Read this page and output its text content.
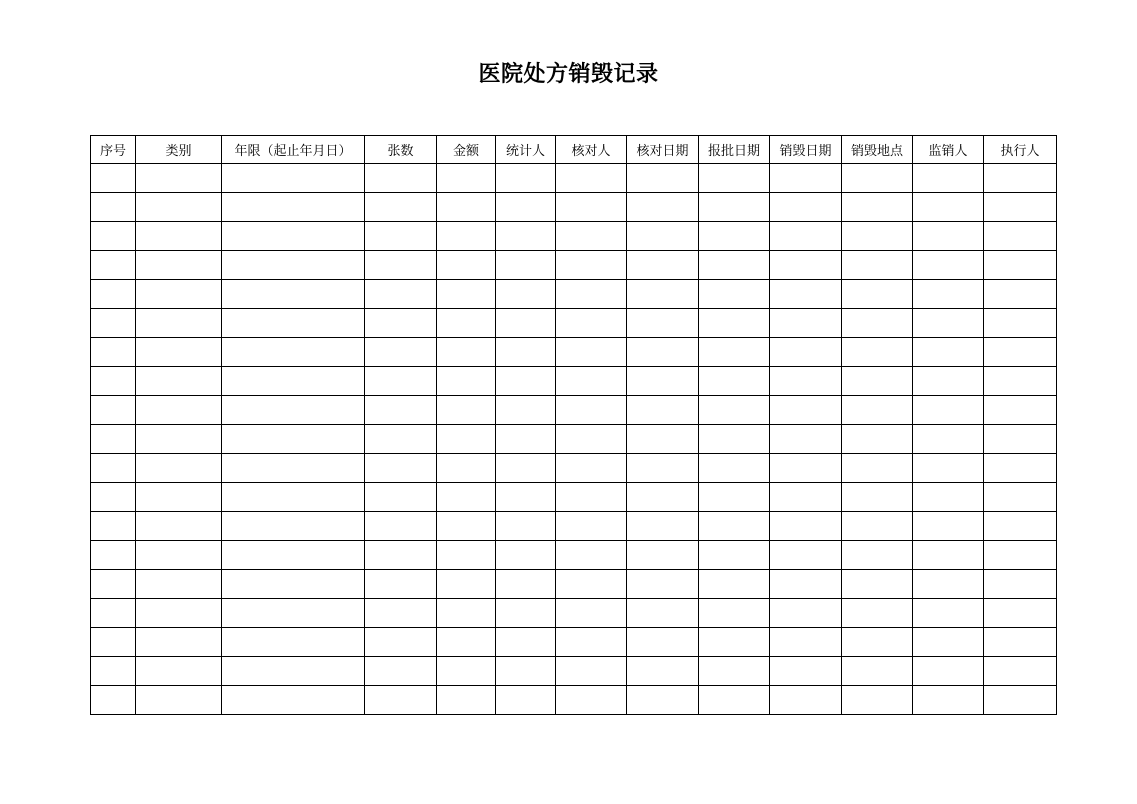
医院处方销毁记录
序号	类别	年限（起止年月日）	张数	金额	统计人	核对人	核对日期	报批日期	销毁日期	销毁地点	监销人	执行人
